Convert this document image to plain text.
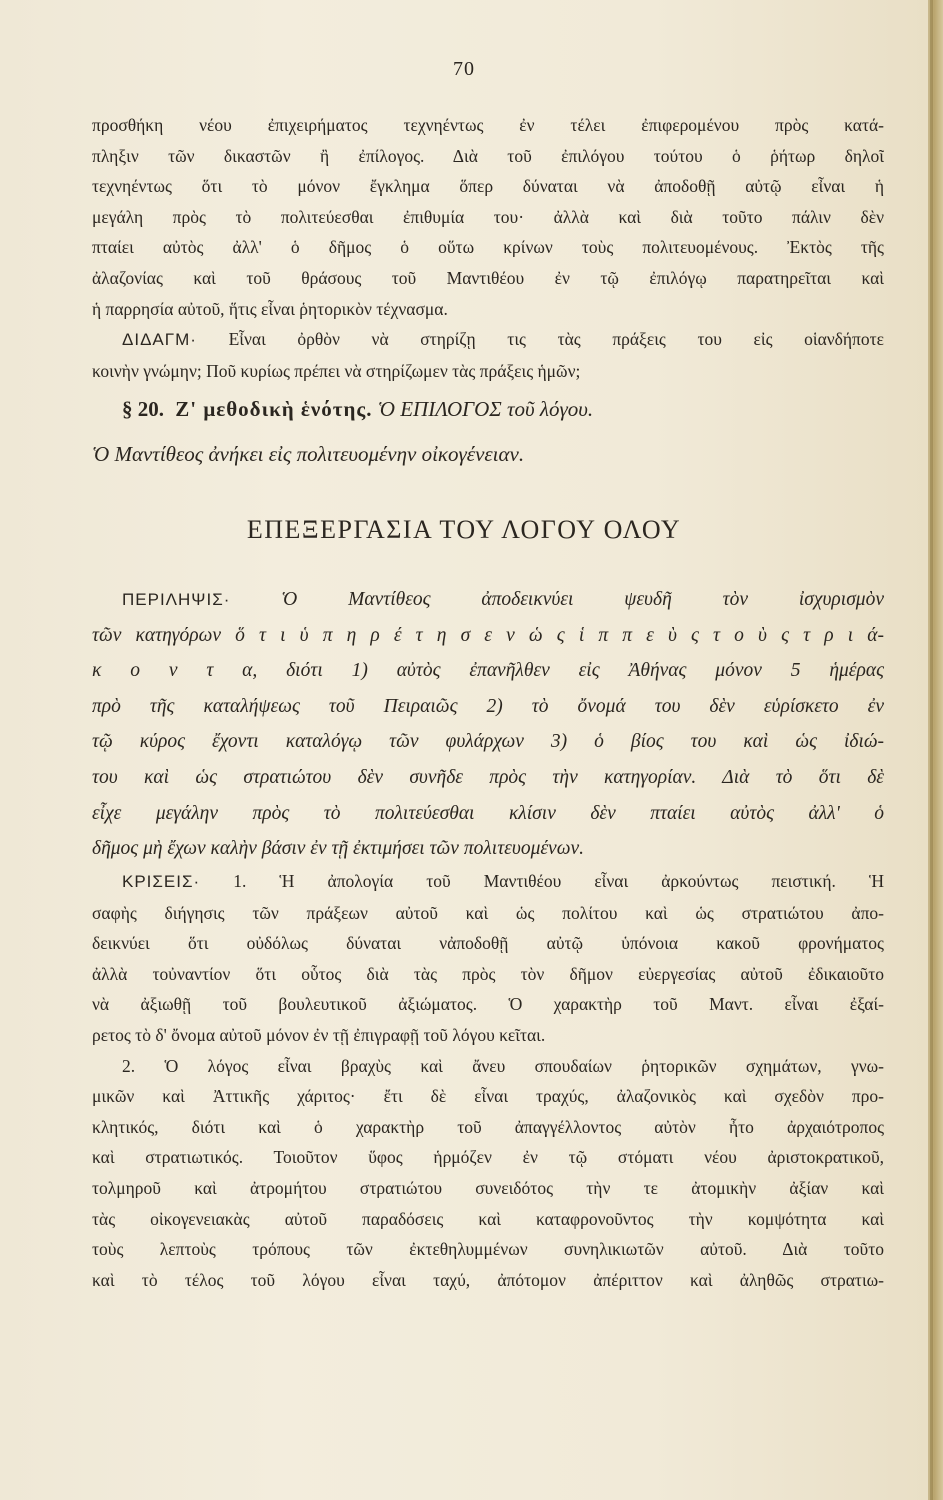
70
προσθήκη νέου ἐπιχειρήματος τεχνηέντως ἐν τέλει ἐπιφερομένου πρὸς κατά-
πληξιν τῶν δικαστῶν ἢ ἐπίλογος. Διὰ τοῦ ἐπιλόγου τούτου ὁ ῥήτωρ δηλοῖ
τεχνηέντως ὅτι τὸ μόνον ἔγκλημα ὅπερ δύναται νὰ ἀποδοθῇ αὐτῷ εἶναι ἡ
μεγάλη πρὸς τὸ πολιτεύεσθαι ἐπιθυμία του· ἀλλὰ καὶ διὰ τοῦτο πάλιν δὲν
πταίει αὐτὸς ἀλλ' ὁ δῆμος ὁ οὕτω κρίνων τοὺς πολιτευομένους. Ἐκτὸς τῆς
ἀλαζονίας καὶ τοῦ θράσους τοῦ Μαντιθέου ἐν τῷ ἐπιλόγῳ παρατηρεῖται καὶ
ἡ παρρησία αὐτοῦ, ἥτις εἶναι ῥητορικὸν τέχνασμα.
ΔΙΔΑΓΜ· Εἶναι ὀρθὸν νὰ στηρίζῃ τις τὰς πράξεις του εἰς οἱανδήποτε
κοινὴν γνώμην; Ποῦ κυρίως πρέπει νὰ στηρίζωμεν τὰς πράξεις ἡμῶν;
§ 20. Ζ' μεθοδικὴ ἑνότης. Ὁ ΕΠΙΛΟΓΟΣ τοῦ λόγου.
Ὁ Μαντίθεος ἀνήκει εἰς πολιτευομένην οἰκογένειαν.
ΕΠΕΞΕΡΓΑΣΙΑ ΤΟΥ ΛΟΓΟΥ ΟΛΟΥ
ΠΕΡΙΛΗΨΙΣ·	Ὁ Μαντίθεος ἀποδεικνύει ψευδῆ τὸν ἰσχυρισμὸν
τῶν κατηγόρων ὅ τ ι ὑ π η ρ έ τ η σ ε ν ὡ ς ἱ π π ε ὺ ς τ ο ὺ ς τ ρ ι ά-
κ ο ν τ α, διότι 1) αὐτὸς ἐπανῆλθεν εἰς Ἀθήνας μόνον 5 ἡμέρας
πρὸ τῆς καταλήψεως τοῦ Πειραιῶς 2) τὸ ὄνομά του δὲν εὑρίσκετο ἐν
τῷ κύρος ἔχοντι καταλόγῳ τῶν φυλάρχων 3) ὁ βίος του καὶ ὡς ἰδιώ-
του καὶ ὡς στρατιώτου δὲν συνῆδε πρὸς τὴν κατηγορίαν. Διὰ τὸ ὅτι δὲ
εἶχε μεγάλην πρὸς τὸ πολιτεύεσθαι κλίσιν δὲν πταίει αὐτὸς ἀλλ' ὁ
δῆμος μὴ ἔχων καλὴν βάσιν ἐν τῇ ἐκτιμήσει τῶν πολιτευομένων.
ΚΡΙΣΕΙΣ· 1. Ἡ ἀπολογία τοῦ Μαντιθέου εἶναι ἀρκούντως πειστική. Ἡ
σαφὴς διήγησις τῶν πράξεων αὐτοῦ καὶ ὡς πολίτου καὶ ὡς στρατιώτου ἀπο-
δεικνύει ὅτι οὐδόλως δύναται νἀποδοθῇ αὐτῷ ὑπόνοια κακοῦ φρονήματος
ἀλλὰ τοὐναντίον ὅτι οὗτος διὰ τὰς πρὸς τὸν δῆμον εὐεργεσίας αὐτοῦ ἐδικαιοῦτο
νὰ ἀξιωθῇ τοῦ βουλευτικοῦ ἀξιώματος. Ὁ χαρακτὴρ τοῦ Μαντ. εἶναι ἐξαί-
ρετος τὸ δ' ὄνομα αὐτοῦ μόνον ἐν τῇ ἐπιγραφῇ τοῦ λόγου κεῖται.
2. Ὁ λόγος εἶναι βραχὺς καὶ ἄνευ σπουδαίων ῥητορικῶν σχημάτων, γνω-
μικῶν καὶ Ἀττικῆς χάριτος· ἔτι δὲ εἶναι τραχύς, ἀλαζονικὸς καὶ σχεδὸν προ-
κλητικός, διότι καὶ ὁ χαρακτὴρ τοῦ ἀπαγγέλλοντος αὐτὸν ἦτο ἀρχαιότροπος
καὶ στρατιωτικός. Τοιοῦτον ὕφος ἡρμόζεν ἐν τῷ στόματι νέου ἀριστοκρατικοῦ,
τολμηροῦ καὶ ἀτρομήτου στρατιώτου συνειδότος τὴν τε ἀτομικὴν ἀξίαν καὶ
τὰς οἰκογενειακὰς αὐτοῦ παραδόσεις καὶ καταφρονοῦντος τὴν κομψότητα καὶ
τοὺς λεπτοὺς τρόπους τῶν ἐκτεθηλυμμένων συνηλικιωτῶν αὐτοῦ. Διὰ τοῦτο
καὶ τὸ τέλος τοῦ λόγου εἶναι ταχύ, ἀπότομον ἀπέριττον καὶ ἀληθῶς στρατιω-
